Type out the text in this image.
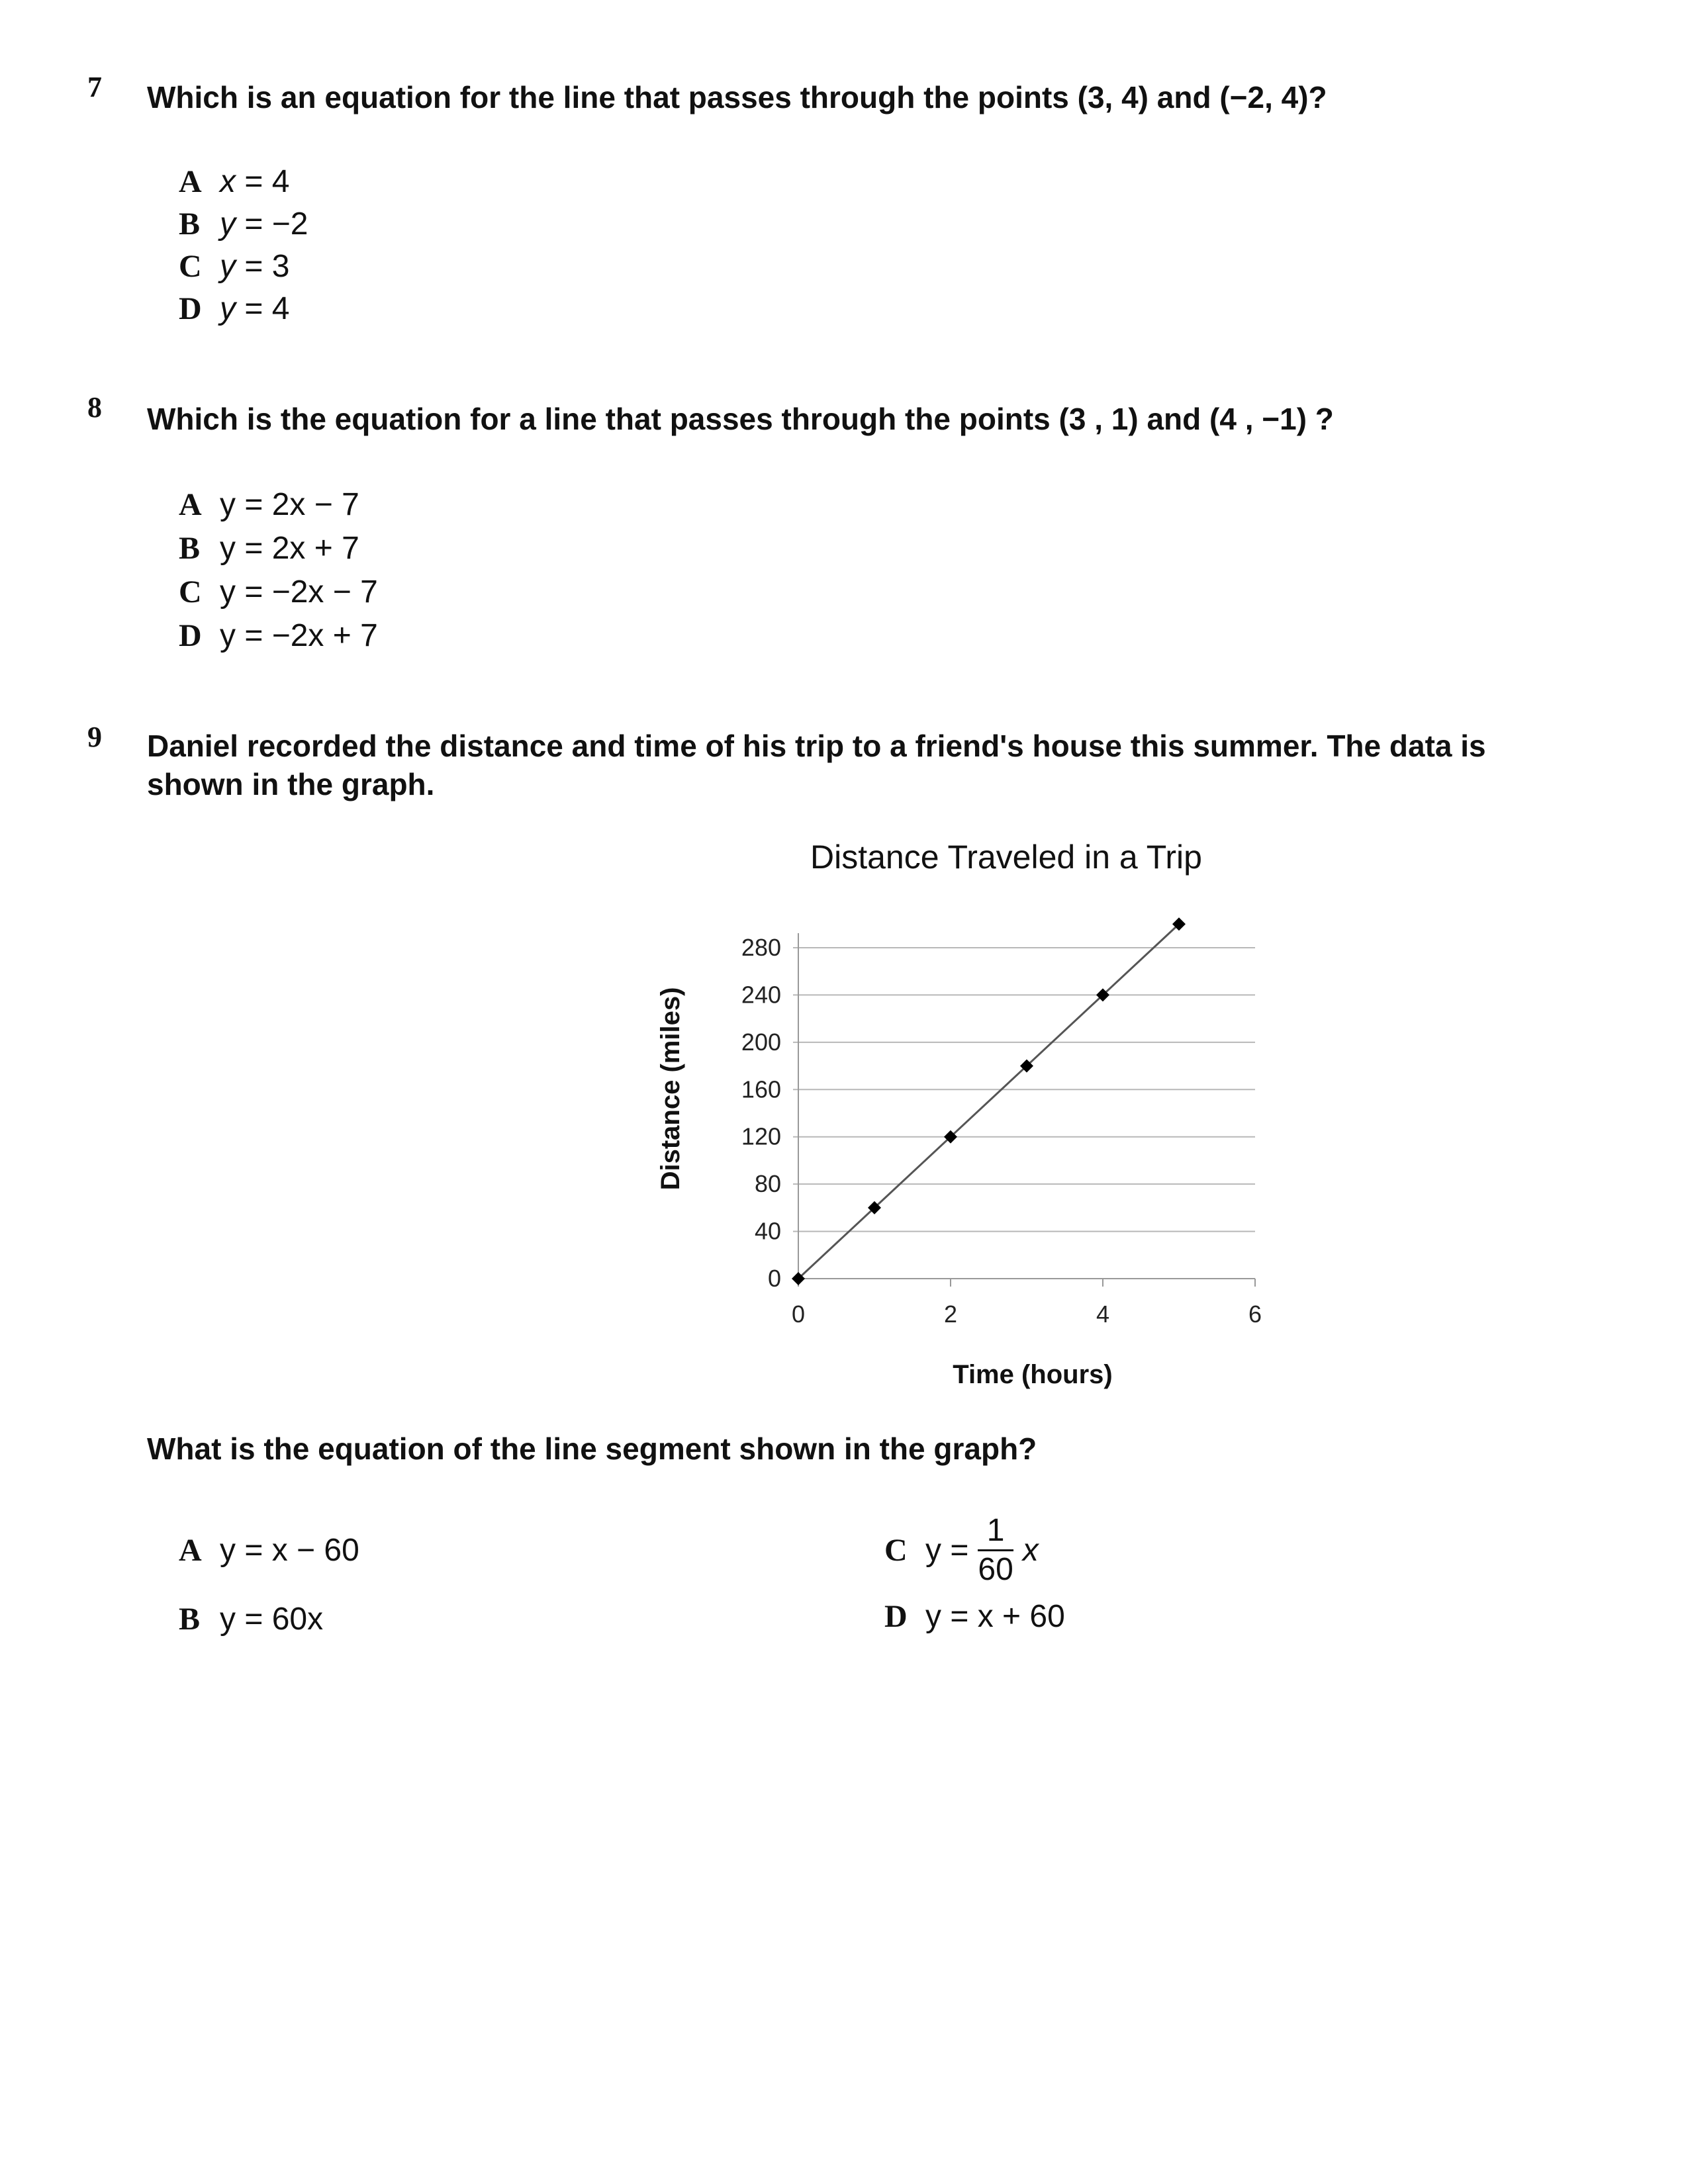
7 Which is an equation for the line that passes through the points (3, 4) and (−2, 4)?

A x = 4

B y = −2

C y = 3

D y = 4

8 Which is the equation for a line that passes through the points (3 , 1) and (4 , −1) ?

A y = 2x − 7

B y = 2x + 7

C y = −2x − 7

D y = −2x + 7

9 Daniel recorded the distance and time of his trip to a friend's house this summer. The data is shown in the graph.
Distance Traveled in a Trip
0
40
80
120
160
200
240
280
0	2	4	6
Time (hours)
Distance (miles)
What is the equation of the line segment shown in the graph?

A y = x − 60

B y = 60x

C $y = \frac{1}{60}$ x

D y = x + 60
